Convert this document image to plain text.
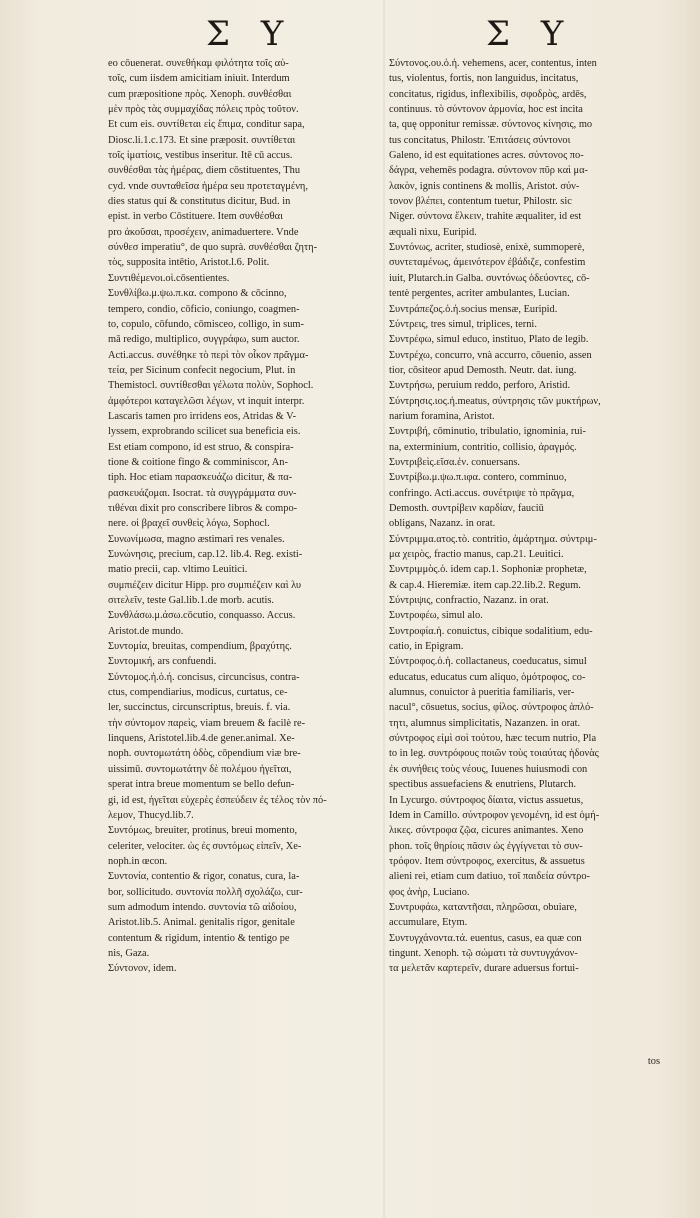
Σ Υ	Σ Υ
eo cōuenerat. συνεθήκαμ φιλότητα τοῖς αὐ-
τοῖς, cum iisdem amicitiam iniuit. Interdum
cum præpositione πρὸς. Xenoph. συνθέσθαι
μὲν πρὸς τὰς συμμαχίδας πόλεις πρὸς τοῦτον.
Et cum eis. συντίθεται εἰς ἔπιμα, conditur sapa,
Diosc.li.1.c.173. Et sine præposit. συντίθεται
τοῖς ἱματίοις, vestibus inseritur. Itē cū accus.
συνθέσθαι τὰς ἡμέρας, diem cōstituentes, Thu
cyd. vnde συνταθεῖσα ἡμέρα seu προτεταγμένη,
dies status qui & constitutus dicitur, Bud. in
epist. in verbo Cōstituere. Item συνθέσθαι
pro ἀκοῦσαι, προσέχειν, animaduertere. Vnde
σύνθεσ imperatiu°, de quo suprà. συνθέσθαι ζητη-
τὸς, supposita intētio, Aristot.l.6. Polit.
Συντιθέμενοι.οἱ.cōsentientes.
Συνθλίβω.μ.ψω.π.κα. compono & cōcinno,
tempero, condio, cōficio, coniungo, coagmen-
to, copulo, cōfundo, cōmisceo, colligo, in sum-
mā redigo, multiplico, συγγράφω, sum auctor.
Acti.accus. συνέθηκε τὸ περὶ τὸν οἶκον πρᾶγμα-
τεία, per Sicinum confecit negocium, Plut. in
Themistocl. συντίθεσθαι γέλωτα πολὺν, Sophocl.
ἀμφότεροι καταγελῶσι λέγων, vt inquit interpr.
Lascaris tamen pro irridens eos, Atridas & V-
lyssem, exprobrando scilicet sua beneficia eis.
Est etiam compono, id est struo, & conspira-
tione & coitione fingo & comminiscor, An-
tiph. Hoc etiam παρασκευάζω dicitur, & πα-
ρασκευάζομαι. Isocrat. τὰ συγγράμματα συν-
τιθέναι dixit pro conscribere libros & compo-
nere. οἱ βραχεῖ συνθεὶς λόγω, Sophocl.
Συνωνίμωσα, magno æstimari res venales.
Συνώνησις, precium, cap.12. lib.4. Reg. existi-
matio precii, cap. vltimo Leuitici.
συμπιέζειν dicitur Hipp. pro συμπιέζειν καὶ λυ
σιτελεῖν, teste Gal.lib.1.de morb. acutis.
Συνθλάσω.μ.άσω.cōcutio, conquasso. Accus.
Aristot.de mundo.
Συντομία, breuitas, compendium, βραχύτης.
Συντομική, ars confuendi.
Σύντομος.ἡ.ὁ.ή. concisus, circuncisus, contra-
ctus, compendiarius, modicus, curtatus, ce-
ler, succinctus, circunscriptus, breuis. f. via.
τὴν σύντομον παρεὶς, viam breuem & facilè re-
linquens, Aristotel.lib.4.de gener.animal. Xe-
noph. συντομωτάτη ὁδὸς, cōpendium viæ bre-
uissimū. συντομωτάτην δὲ πολέμου ἡγεῖται,
sperat intra breue momentum se bello defun-
gi, id est, ἡγεῖται εὐχερὲς ἐσπεύδειν ἐς τέλος τὸν πό-
λεμον, Thucyd.lib.7.
Συντόμως, breuiter, protinus, breui momento,
celeriter, velociter. ὡς ἐς συντόμως εἰπεῖν, Xe-
noph.in œcon.
Συντονία, contentio & rigor, conatus, cura, la-
bor, sollicitudo. συντονία πολλῆ σχολάζω, cur-
sum admodum intendo. συντονία τῶ αἰδοίου,
Aristot.lib.5. Animal. genitalis rigor, genitale
contentum & rigidum, intentio & tentigo pe
nis, Gaza.
Σύντονον, idem.
Σύντονος.ου.ὁ.ἡ. vehemens, acer, contentus, inten
tus, violentus, fortis, non languidus, incitatus,
concitatus, rigidus, inflexibilis, σφοδρὸς, ardēs,
continuus. τὸ σύντονον ἁρμονία, hoc est incita
ta, quę opponitur remissæ. σύντονος κίνησις, mo
tus concitatus, Philostr. Ἐπιτάσεις σύντονοι
Galeno, id est equitationes acres. σύντονος πο-
δάγρα, vehemēs podagra. σύντονον πῦρ καὶ μα-
λακὸν, ignis continens & mollis, Aristot. σύν-
τονον βλέπει, contentum tuetur, Philostr. sic
Niger. σύντονα ἕλκειν, trahite æqualiter, id est
æquali nixu, Euripid.
Συντόνως, acriter, studiosè, enixè, summoperè,
συντεταμένως, ἀμεινότερον ἐβάδιζε, confestim
iuit, Plutarch.in Galba. συντόνως ὁδεύοντες, cō-
tentè pergentes, acriter ambulantes, Lucian.
Συντράπεζος.ὁ.ἡ.socius mensæ, Euripid.
Σύντρεις, tres simul, triplices, terni.
Συντρέφω, simul educo, instituo, Plato de legib.
Συντρέχω, concurro, vnà accurro, cōuenio, assen
tior, cōsiteor apud Demosth. Neutr. dat. iung.
Συντρήσω, peruium reddo, perforo, Aristid.
Σύντρησις.ιος.ἡ.meatus, σύντρησις τῶν μυκτήρων,
narium foramina, Aristot.
Συντριβή, cōminutio, tribulatio, ignominia, rui-
na, exterminium, contritio, collisio, ἀραγμός.
Συντριβεὶς.εῖσα.ἐν. conuersans.
Συντρίβω.μ.ψω.π.ιφα. contero, comminuo,
confringo. Acti.accus. συνέτριψε τὸ πρᾶγμα,
Demosth. συντρίβειν καρδίαν, fauciū
obligans, Nazanz. in orat.
Σύντριμμα.ατος.τὸ. contritio, ἁμάρτημα. σύντριμ-
μα χειρὸς, fractio manus, cap.21. Leuitici.
Συντριμμὸς.ὁ. idem cap.1. Sophoniæ prophetæ,
& cap.4. Hieremiæ. item cap.22.lib.2. Regum.
Σύντριψις, confractio, Nazanz. in orat.
Συντροφέω, simul alo.
Συντροφία.ἡ. conuictus, cibique sodalitium, edu-
catio, in Epigram.
Σύντροφος.ὁ.ἡ. collactaneus, coeducatus, simul
educatus, educatus cum aliquo, ὁμότροφος, co-
alumnus, conuictor à pueritia familiaris, ver-
nacul°, cōsuetus, socius, φίλος. σύντροφος ἁπλό-
τητι, alumnus simplicitatis, Nazanzen. in orat.
σύντροφος εἰμὶ σοὶ τούτου, hæc tecum nutrio, Pla
to in leg. συντρόφους ποιῶν τοὺς τοιαύτας ἡδονὰς
ἐκ συνήθεις τοὺς νέους, Iuuenes huiusmodi con
spectibus assuefaciens & enutriens, Plutarch.
In Lycurgo. σύντροφος δίαιτα, victus assuetus,
Idem in Camillo. σύντροφον γενομένη, id est ὁμή-
λικες. σύντροφα ζῷα, cicures animantes. Xeno
phon. τοῖς θηρίοις πᾶσιν ὡς ἐγγίγνεται τὸ συν-
τρόφον. Item σύντροφος, exercitus, & assuetus
alieni rei, etiam cum datiuo, τοῖ παιδεία σύντρο-
φος ἀνὴρ, Luciano.
Συντρυφάω, καταντῆσαι, πληρῶσαι, obuiare,
accumulare, Etym.
Συντυγχάνοντα.τά. euentus, casus, ea quæ con
tingunt. Xenoph. τῷ σώματι τὰ συντυγχάνον-
τα μελετᾶν καρτερεῖν, durare aduersus fortui-
tos
